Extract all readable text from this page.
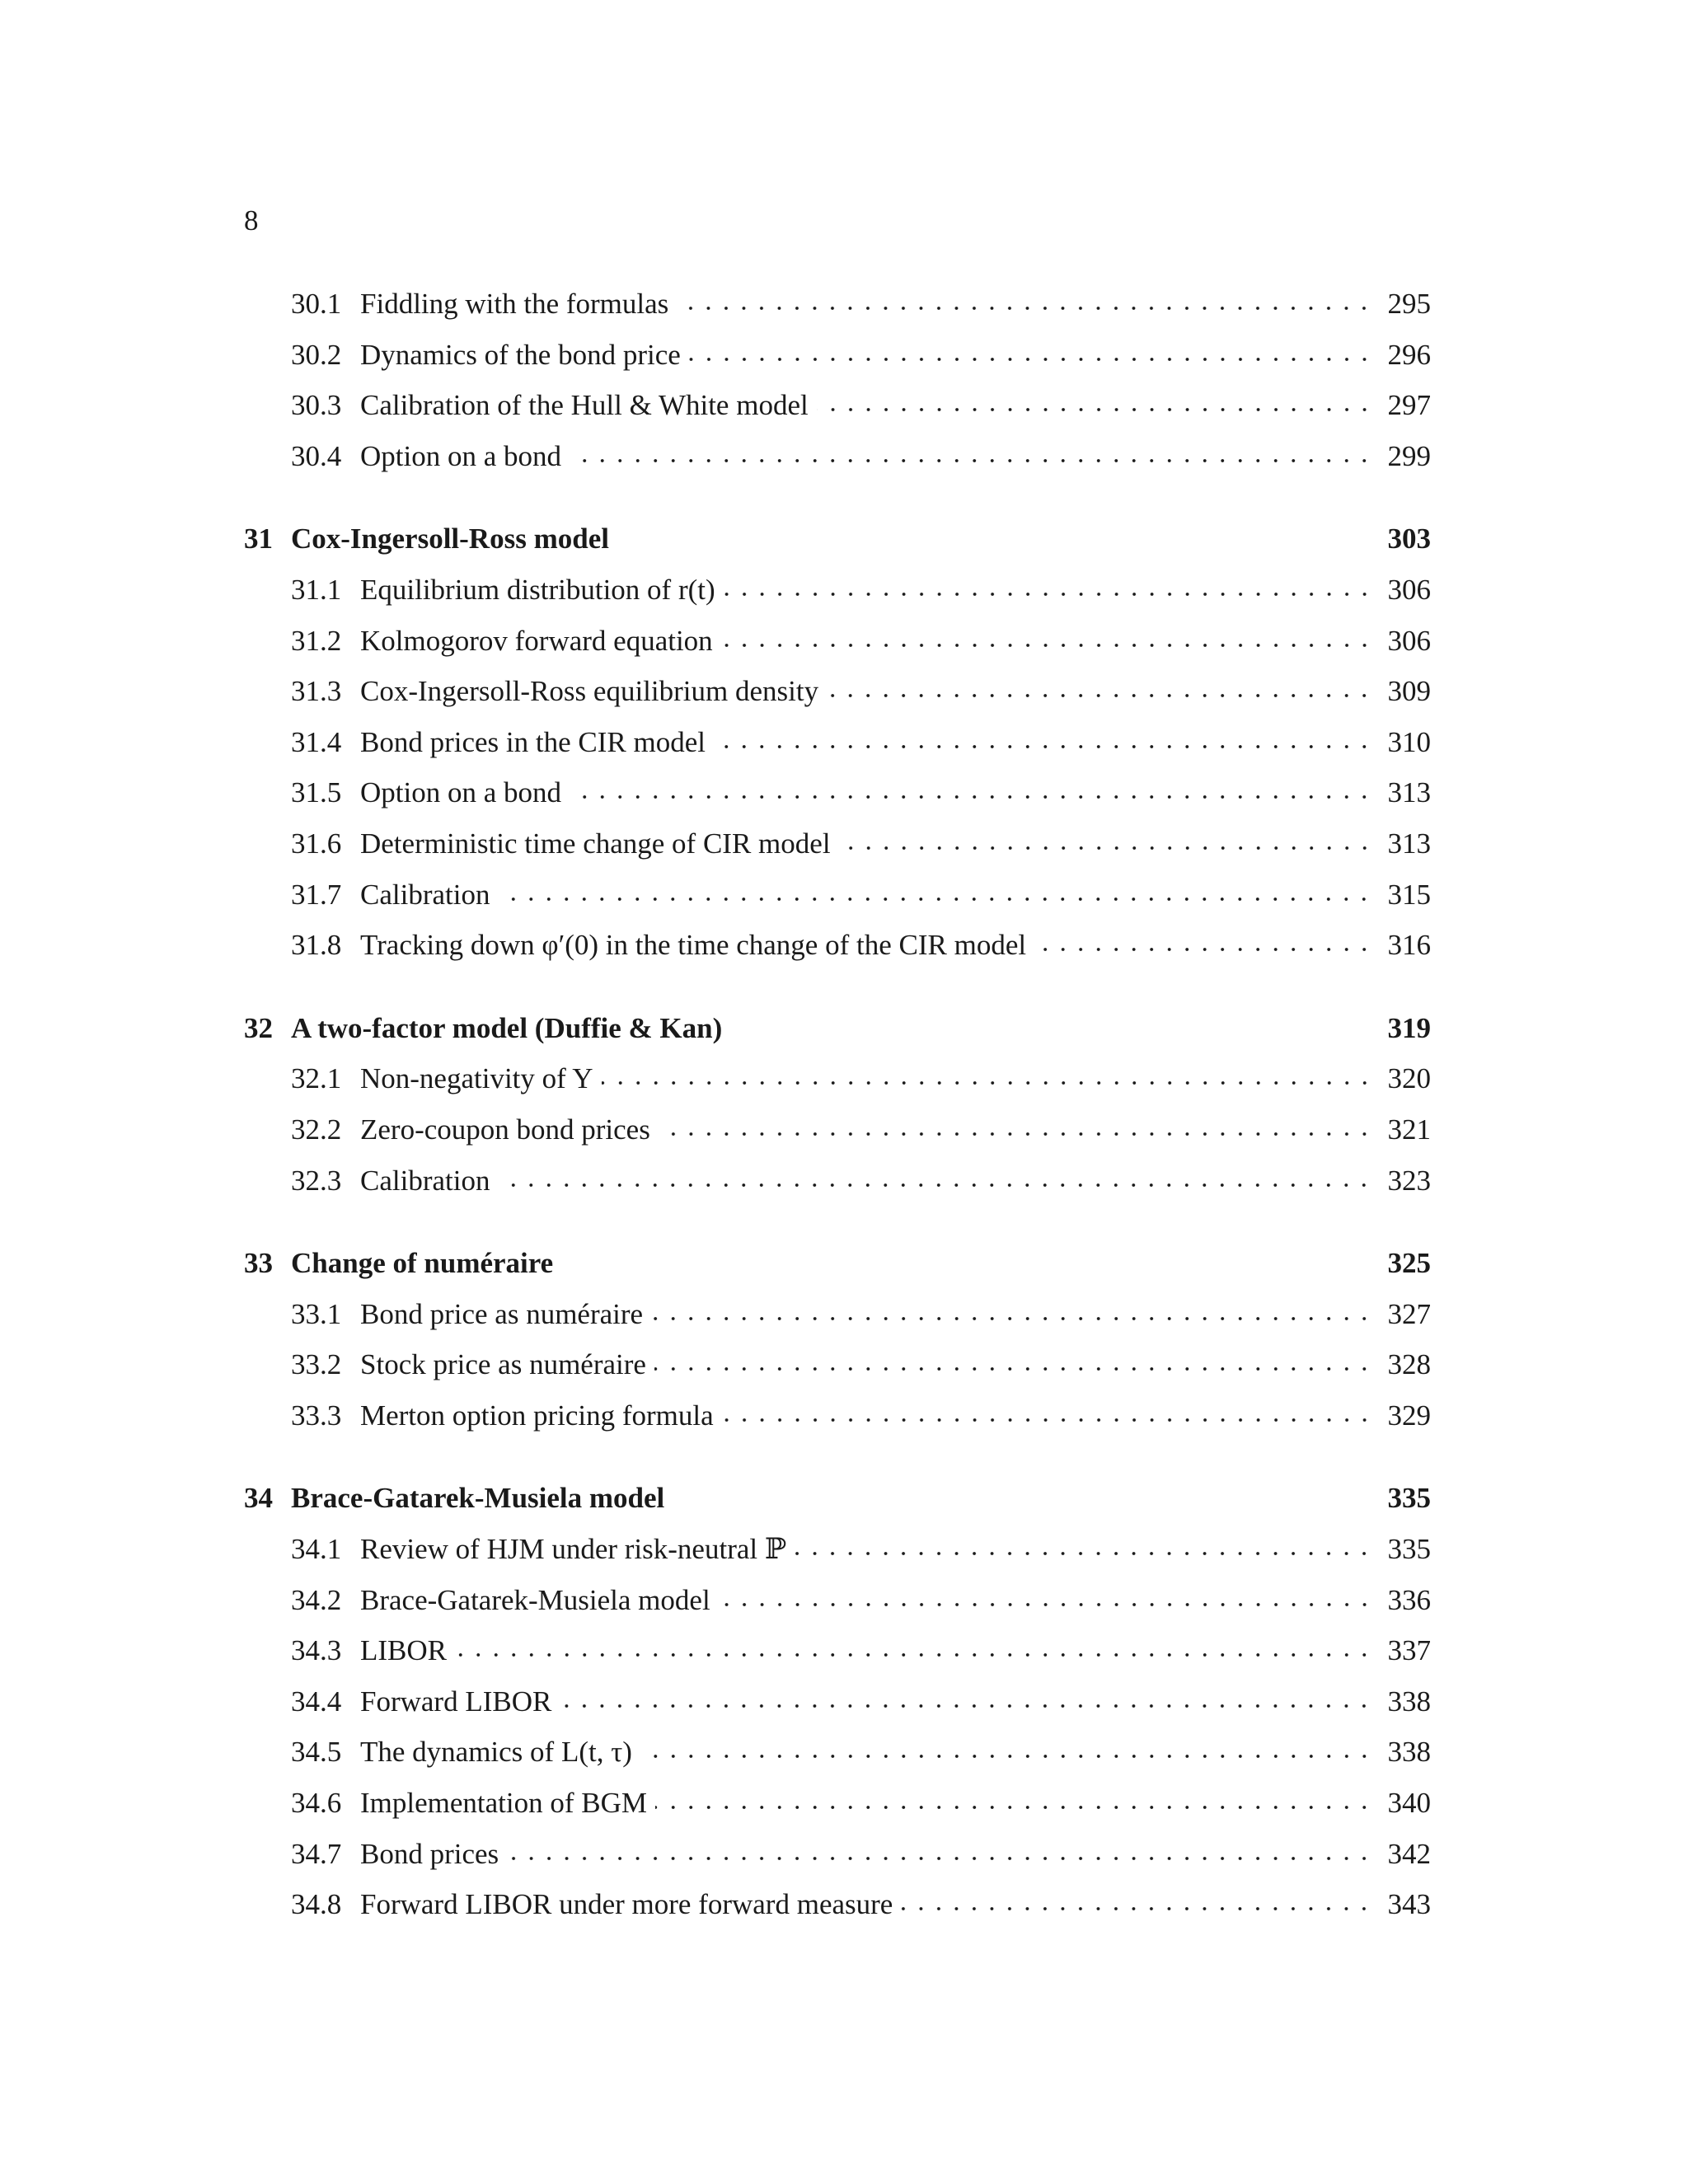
8
30.1 Fiddling with the formulas	295
30.2 Dynamics of the bond price	296
30.3 Calibration of the Hull & White model	297
30.4 Option on a bond	299
31 Cox-Ingersoll-Ross model	303
31.1 Equilibrium distribution of r(t)	306
31.2 Kolmogorov forward equation	306
31.3 Cox-Ingersoll-Ross equilibrium density	309
31.4 Bond prices in the CIR model	310
31.5 Option on a bond	313
31.6 Deterministic time change of CIR model	313
31.7 Calibration	315
31.8 Tracking down φ′(0) in the time change of the CIR model	316
32 A two-factor model (Duffie & Kan)	319
32.1 Non-negativity of Y	320
32.2 Zero-coupon bond prices	321
32.3 Calibration	323
33 Change of numéraire	325
33.1 Bond price as numéraire	327
33.2 Stock price as numéraire	328
33.3 Merton option pricing formula	329
34 Brace-Gatarek-Musiela model	335
34.1 Review of HJM under risk-neutral ℙ	335
34.2 Brace-Gatarek-Musiela model	336
34.3 LIBOR	337
34.4 Forward LIBOR	338
34.5 The dynamics of L(t, τ)	338
34.6 Implementation of BGM	340
34.7 Bond prices	342
34.8 Forward LIBOR under more forward measure	343
